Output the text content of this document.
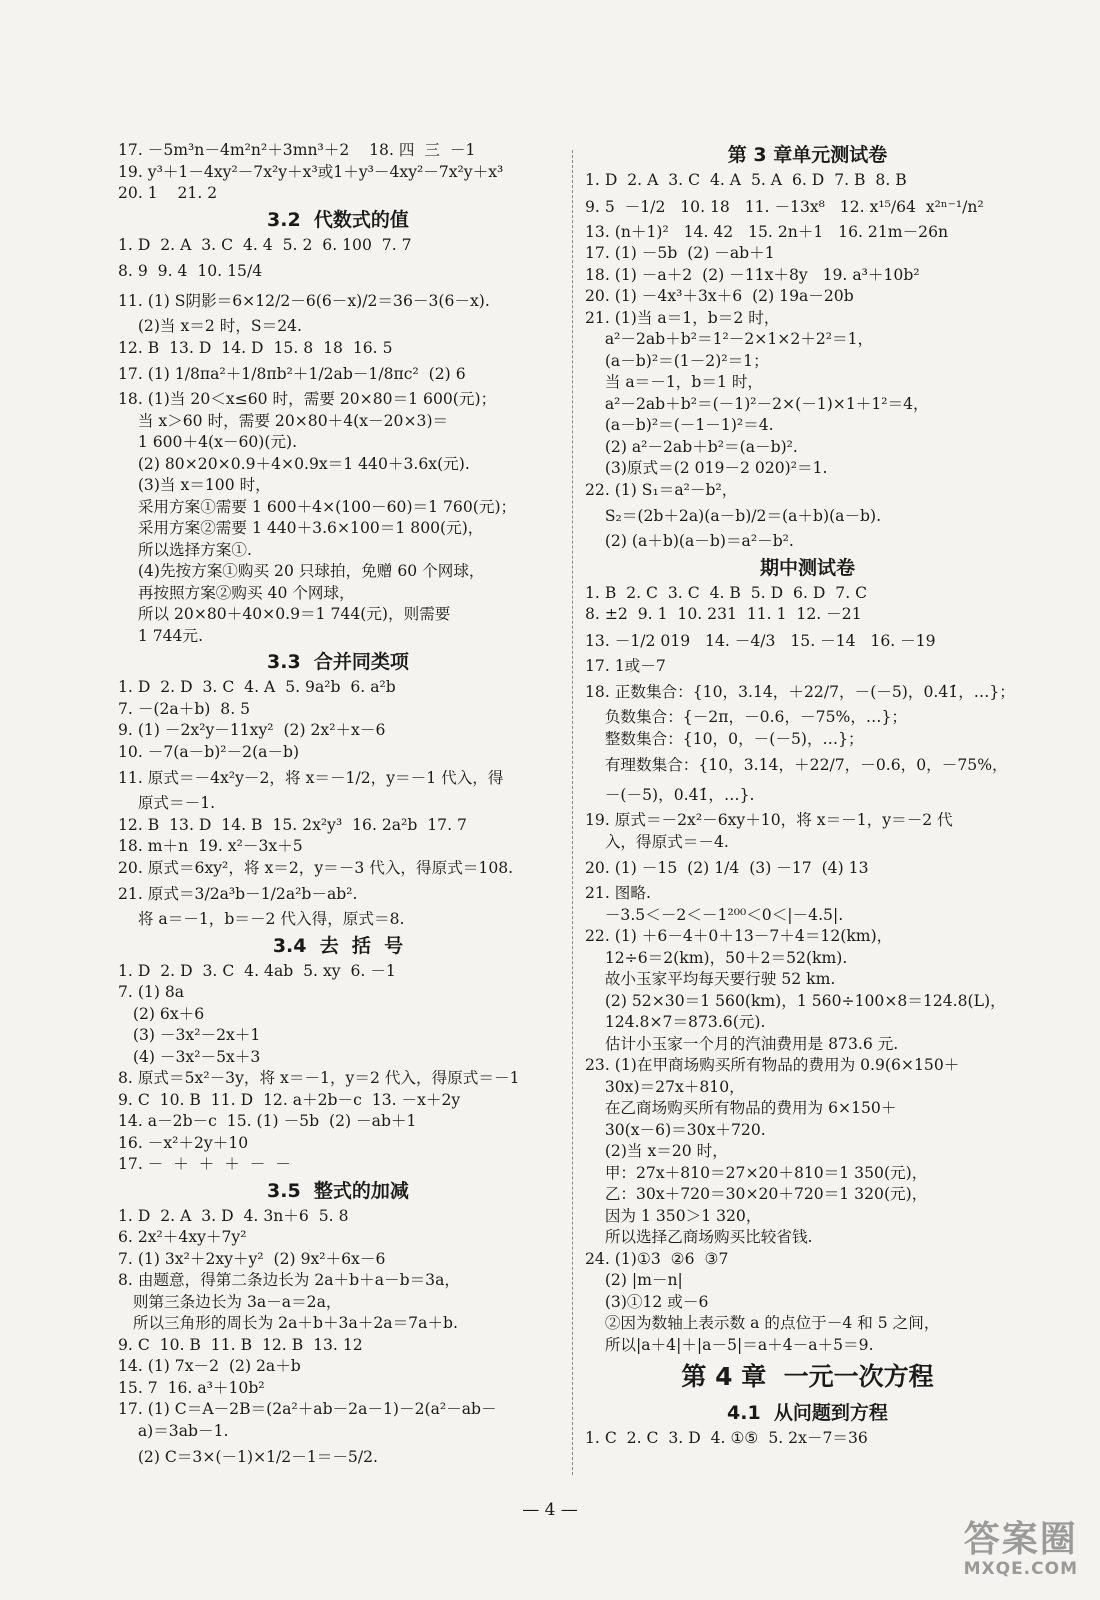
17. －5m³n－4m²n²＋3mn³＋2    18. 四  三  －1
19. y³＋1－4xy²－7x²y＋x³或1＋y³－4xy²－7x²y＋x³
20. 1    21. 2
3.2  代数式的值
1. D  2. A  3. C  4. 4  5. 2  6. 100  7. 7
8. 9  9. 4  10. 15/4
11. (1) S阴影＝6×12/2－6(6－x)/2＝36－3(6－x).
(2)当 x＝2 时，S＝24.
12. B  13. D  14. D  15. 8  18  16. 5
17. (1) 1/8πa²＋1/8πb²＋1/2ab－1/8πc²  (2) 6
18. (1)当 20＜x≤60 时，需要 20×80＝1 600(元)；
当 x＞60 时，需要 20×80＋4(x－20×3)＝
1 600＋4(x－60)(元).
(2) 80×20×0.9＋4×0.9x＝1 440＋3.6x(元).
(3)当 x＝100 时，
采用方案①需要 1 600＋4×(100－60)＝1 760(元)；
采用方案②需要 1 440＋3.6×100＝1 800(元)，
所以选择方案①.
(4)先按方案①购买 20 只球拍，免赠 60 个网球，
再按照方案②购买 40 个网球，
所以 20×80＋40×0.9＝1 744(元)，则需要
1 744元.
3.3  合并同类项
1. D  2. D  3. C  4. A  5. 9a²b  6. a²b
7. －(2a＋b)  8. 5
9. (1) －2x²y－11xy²  (2) 2x²＋x－6
10. －7(a－b)²－2(a－b)
11. 原式＝－4x²y－2，将 x＝－1/2，y＝－1 代入，得
原式＝－1.
12. B  13. D  14. B  15. 2x²y³  16. 2a²b  17. 7
18. m＋n  19. x²－3x＋5
20. 原式＝6xy²，将 x＝2，y＝－3 代入，得原式＝108.
21. 原式＝3/2a³b－1/2a²b－ab².
将 a＝－1，b＝－2 代入得，原式＝8.
3.4  去  括  号
1. D  2. D  3. C  4. 4ab  5. xy  6. －1
7. (1) 8a
(2) 6x＋6
(3) －3x²－2x＋1
(4) －3x²－5x＋3
8. 原式＝5x²－3y，将 x＝－1，y＝2 代入，得原式＝－1
9. C  10. B  11. D  12. a＋2b－c  13. －x＋2y
14. a－2b－c  15. (1) －5b  (2) －ab＋1
16. －x²＋2y＋10
17. －  ＋  ＋  ＋  －  －
3.5  整式的加减
1. D  2. A  3. D  4. 3n＋6  5. 8
6. 2x²＋4xy＋7y²
7. (1) 3x²＋2xy＋y²  (2) 9x²＋6x－6
8. 由题意，得第二条边长为 2a＋b＋a－b＝3a，
则第三条边长为 3a－a＝2a，
所以三角形的周长为 2a＋b＋3a＋2a＝7a＋b.
9. C  10. B  11. B  12. B  13. 12
14. (1) 7x－2  (2) 2a＋b
15. 7  16. a³＋10b²
17. (1) C＝A－2B＝(2a²＋ab－2a－1)－2(a²－ab－
a)＝3ab－1.
(2) C＝3×(－1)×1/2－1＝－5/2.
第 3 章单元测试卷
1. D  2. A  3. C  4. A  5. A  6. D  7. B  8. B
9. 5  －1/2   10. 18   11. －13x⁸   12. x¹⁵/64  x²ⁿ⁻¹/n²
13. (n＋1)²   14. 42   15. 2n＋1   16. 21m－26n
17. (1) －5b  (2) －ab＋1
18. (1) －a＋2  (2) －11x＋8y   19. a³＋10b²
20. (1) －4x³＋3x＋6  (2) 19a－20b
21. (1)当 a＝1，b＝2 时，
a²－2ab＋b²＝1²－2×1×2＋2²＝1，
(a－b)²＝(1－2)²＝1；
当 a＝－1，b＝1 时，
a²－2ab＋b²＝(－1)²－2×(－1)×1＋1²＝4，
(a－b)²＝(－1－1)²＝4.
(2) a²－2ab＋b²＝(a－b)².
(3)原式＝(2 019－2 020)²＝1.
22. (1) S₁＝a²－b²，
S₂＝(2b＋2a)(a－b)/2＝(a＋b)(a－b).
(2) (a＋b)(a－b)＝a²－b².
期中测试卷
1. B  2. C  3. C  4. B  5. D  6. D  7. C
8. ±2  9. 1  10. 231  11. 1  12. －21
13. －1/2 019   14. －4/3   15. －14   16. －19
17. 1或－7
18. 正数集合：{10，3.14，＋22/7，－(－5)，0.4̇1̇，…}；
负数集合：{－2π，－0.6，－75%，…}；
整数集合：{10，0，－(－5)，…}；
有理数集合：{10，3.14，＋22/7，－0.6，0，－75%，
－(－5)，0.4̇1̇，…}.
19. 原式＝－2x²－6xy＋10，将 x＝－1，y＝－2 代
入，得原式＝－4.
20. (1) －15  (2) 1/4  (3) －17  (4) 13
21. 图略.
－3.5＜－2＜－1²⁰⁰＜0＜|－4.5|.
22. (1) ＋6－4＋0＋13－7＋4＝12(km)，
12÷6＝2(km)，50＋2＝52(km).
故小玉家平均每天要行驶 52 km.
(2) 52×30＝1 560(km)，1 560÷100×8＝124.8(L)，
124.8×7＝873.6(元).
估计小玉家一个月的汽油费用是 873.6 元.
23. (1)在甲商场购买所有物品的费用为 0.9(6×150＋
30x)＝27x＋810，
在乙商场购买所有物品的费用为 6×150＋
30(x－6)＝30x＋720.
(2)当 x＝20 时，
甲：27x＋810＝27×20＋810＝1 350(元)，
乙：30x＋720＝30×20＋720＝1 320(元)，
因为 1 350＞1 320，
所以选择乙商场购买比较省钱.
24. (1)①3  ②6  ③7
(2) |m－n|
(3)①12 或－6
②因为数轴上表示数 a 的点位于－4 和 5 之间，
所以|a＋4|＋|a－5|＝a＋4－a＋5＝9.
第 4 章  一元一次方程
4.1  从问题到方程
1. C  2. C  3. D  4. ①⑤  5. 2x－7＝36
— 4 —
答案圈
MXQE.COM
